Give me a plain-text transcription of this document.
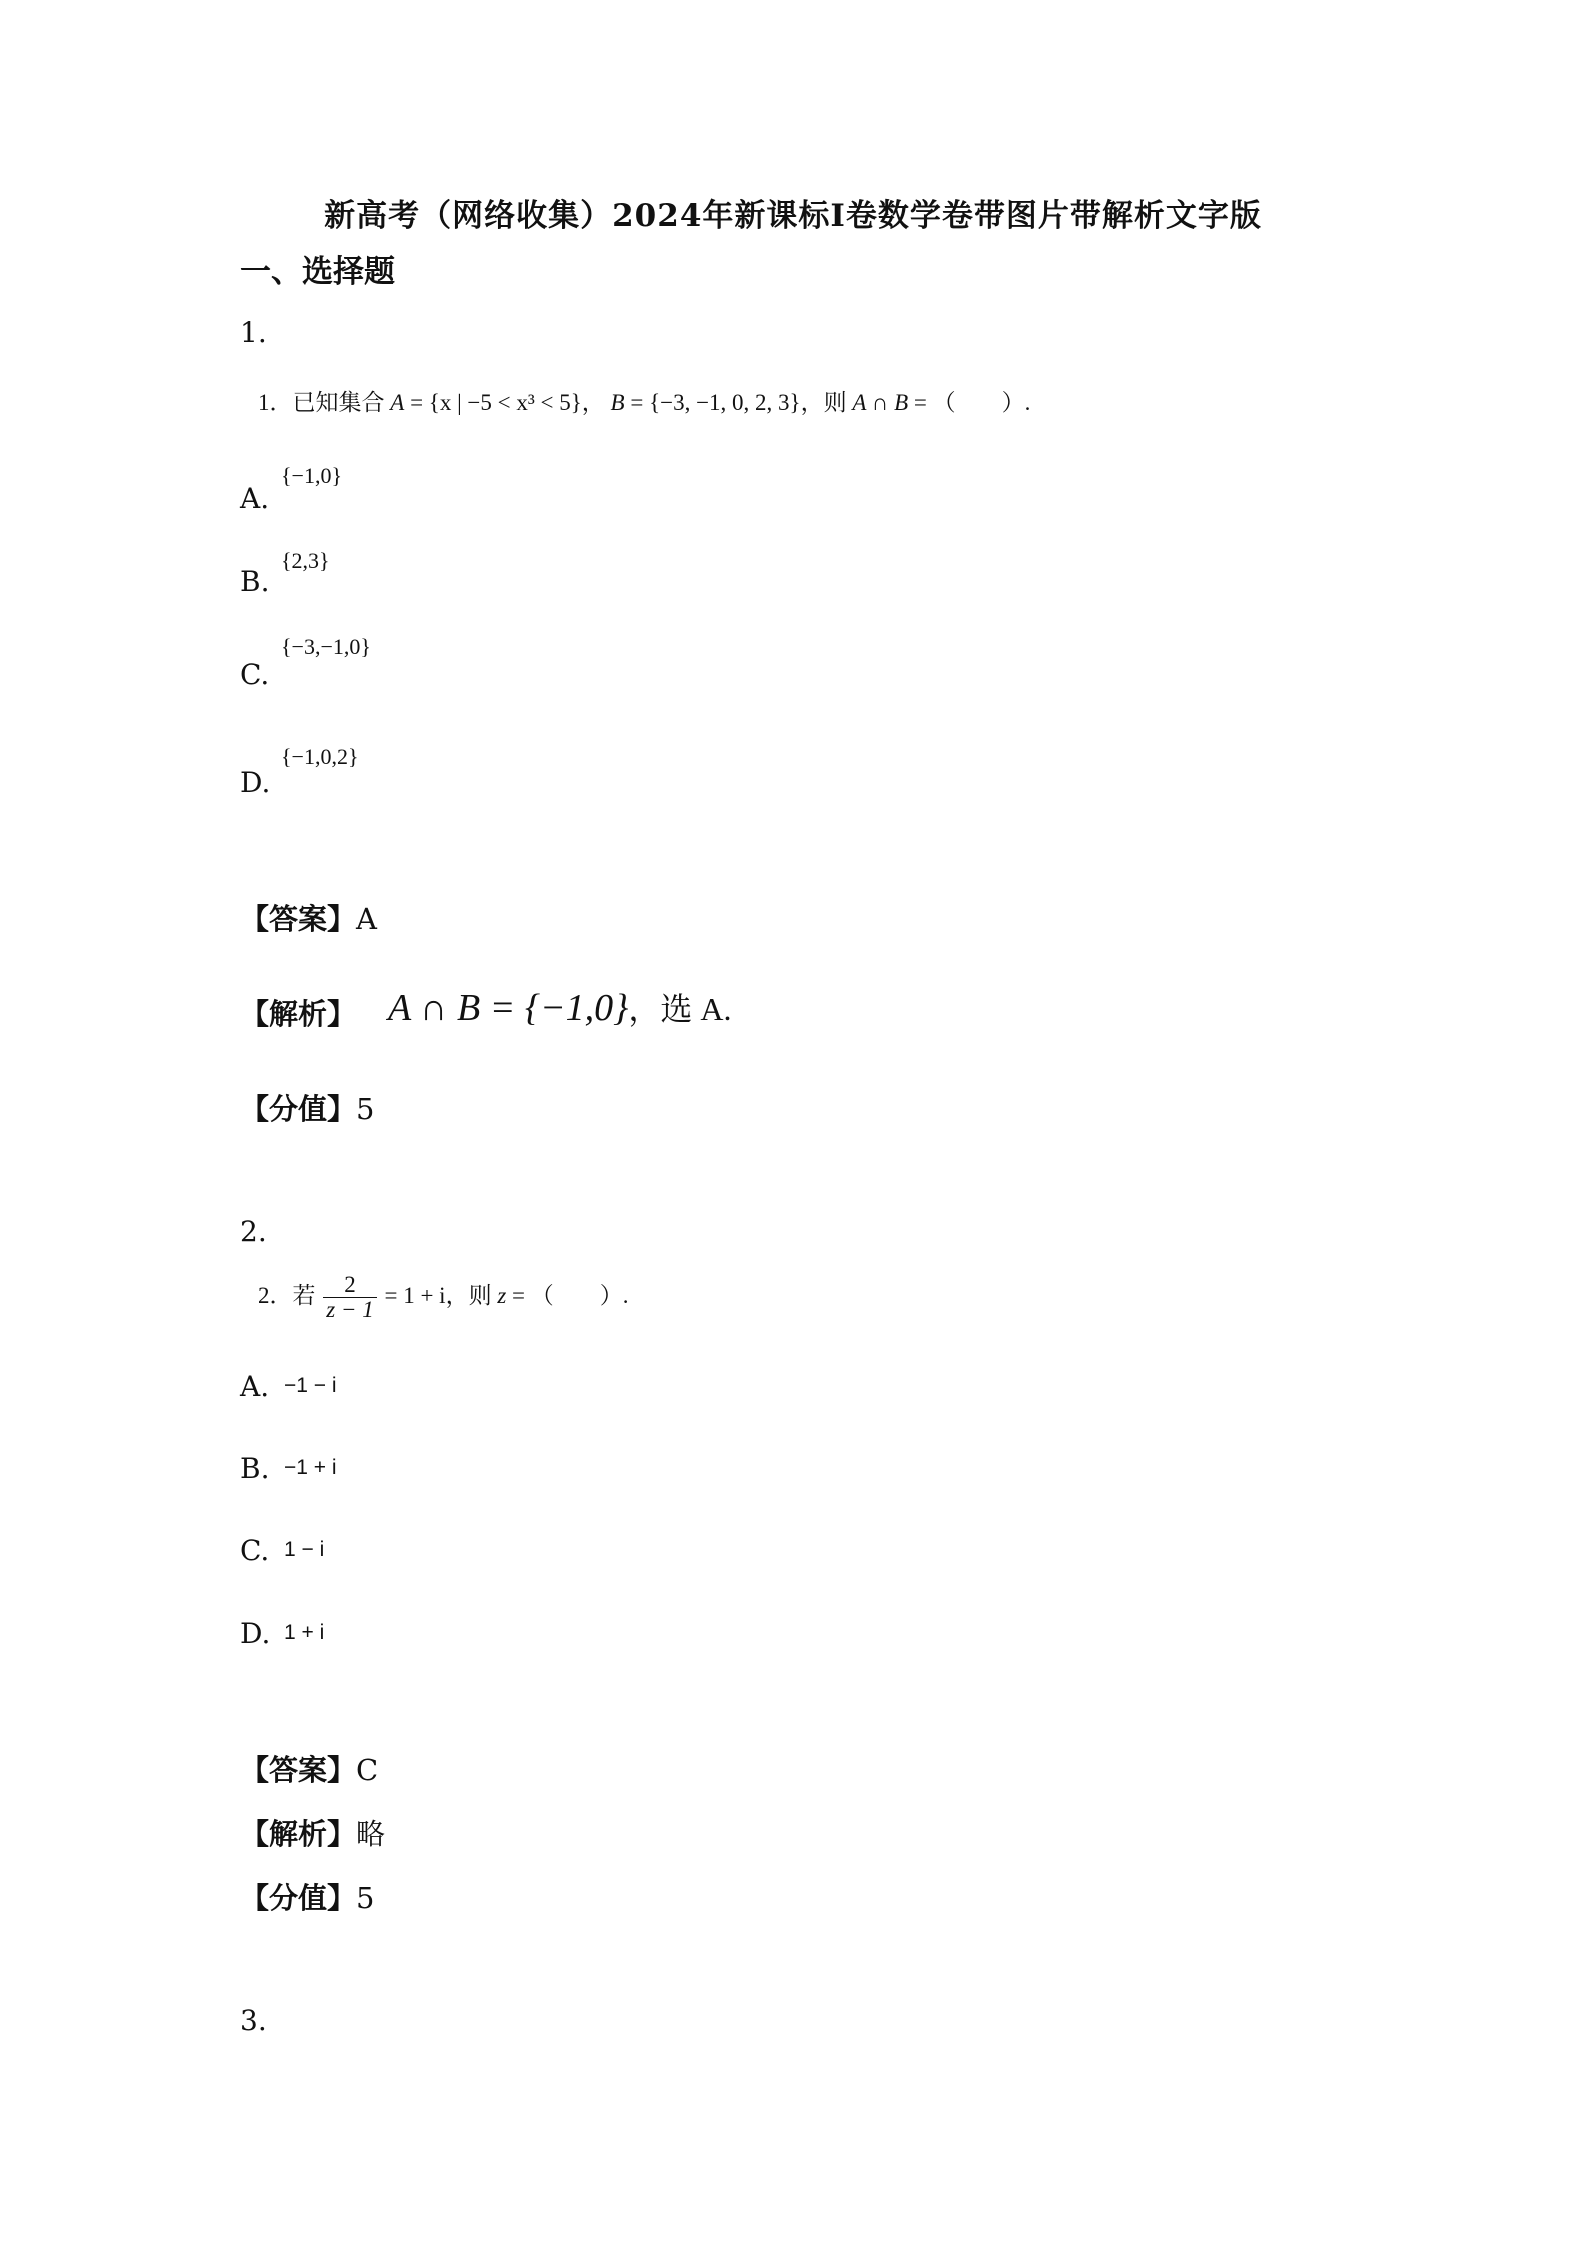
新高考（网络收集）2024年新课标Ⅰ卷数学卷带图片带解析文字版
一、选择题
1.
1．已知集合 A = {x | −5 < x³ < 5}， B = {−3, −1, 0, 2, 3}，则 A ∩ B = （　　）.
A.
{−1,0}
B.
{2,3}
C.
{−3,−1,0}
D.
{−1,0,2}
【答案】A
【解析】 A ∩ B = {−1,0}，选 A.
【分值】5
2.
2．若 $\frac{2}{z - 1} = 1 + i$，则 z = （　　）.
A. −1 − i
B. −1 + i
C. 1 − i
D. 1 + i
【答案】C
【解析】略
【分值】5
3.
